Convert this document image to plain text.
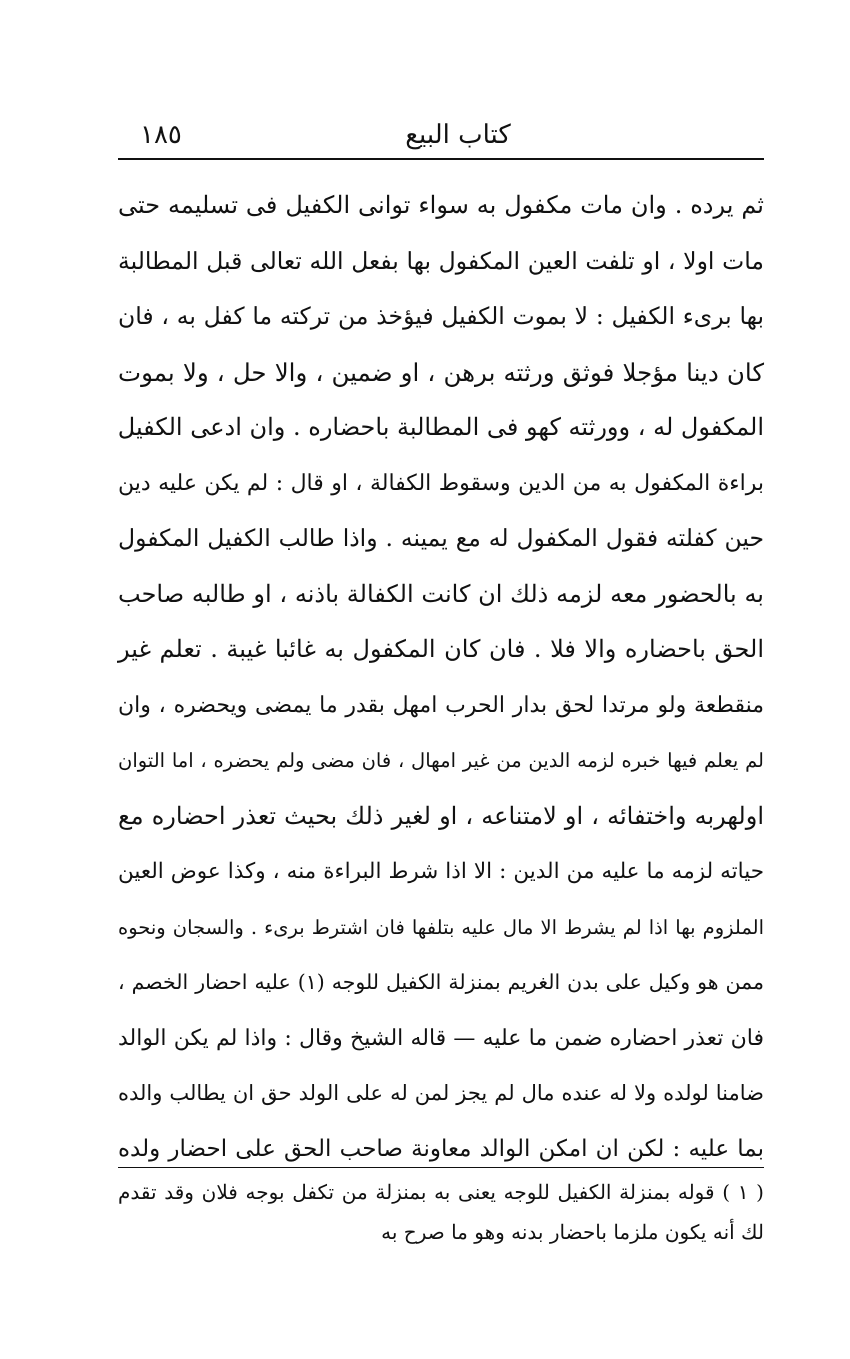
١٨٥	كتاب البيع
ثم يرده . وان مات مكفول به سواء توانى الكفيل فى تسليمه حتى
مات اولا ، او تلفت العين المكفول بها بفعل الله تعالى قبل المطالبة
بها برىء الكفيل : لا بموت الكفيل فيؤخذ من تركته ما كفل به ، فان
كان دينا مؤجلا فوثق ورثته برهن ، او ضمين ، والا حل ، ولا بموت
المكفول له ، وورثته كهو فى المطالبة باحضاره . وان ادعى الكفيل
براءة المكفول به من الدين وسقوط الكفالة ، او قال : لم يكن عليه دين
حين كفلته فقول المكفول له مع يمينه . واذا طالب الكفيل المكفول
به بالحضور معه لزمه ذلك ان كانت الكفالة باذنه ، او طالبه صاحب
الحق باحضاره والا فلا . فان كان المكفول به غائبا غيبة . تعلم غير
منقطعة ولو مرتدا لحق بدار الحرب امهل بقدر ما يمضى ويحضره ، وان
لم يعلم فيها خبره لزمه الدين من غير امهال ، فان مضى ولم يحضره ، اما التوان
اولهربه واختفائه ، او لامتناعه ، او لغير ذلك بحيث تعذر احضاره مع
حياته لزمه ما عليه من الدين : الا اذا شرط البراءة منه ، وكذا عوض العين
الملزوم بها اذا لم يشرط الا مال عليه بتلفها فان اشترط برىء . والسجان ونحوه
ممن هو وكيل على بدن الغريم بمنزلة الكفيل للوجه (١) عليه احضار الخصم ،
فان تعذر احضاره ضمن ما عليه — قاله الشيخ وقال : واذا لم يكن الوالد
ضامنا لولده ولا له عنده مال لم يجز لمن له على الولد حق ان يطالب والده
بما عليه : لكن ان امكن الوالد معاونة صاحب الحق على احضار ولده
( ١ ) قوله بمنزلة الكفيل للوجه يعنى به بمنزلة من تكفل بوجه فلان وقد تقدم
لك أنه يكون ملزما باحضار بدنه وهو ما صرح به
